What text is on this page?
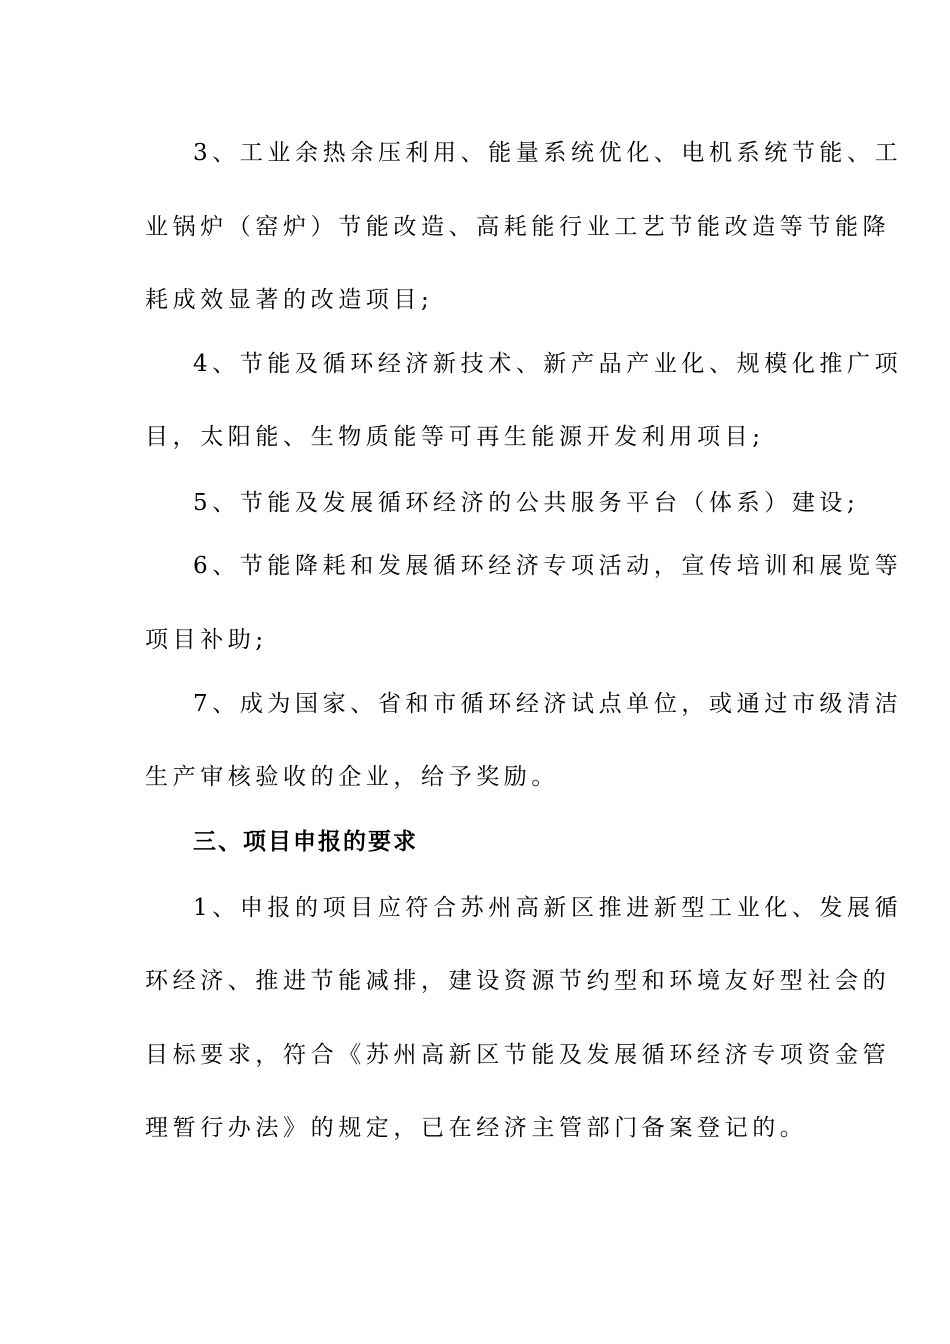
3、工业余热余压利用、能量系统优化、电机系统节能、工
业锅炉（窑炉）节能改造、高耗能行业工艺节能改造等节能降
耗成效显著的改造项目;
4、节能及循环经济新技术、新产品产业化、规模化推广项
目，太阳能、生物质能等可再生能源开发利用项目;
5、节能及发展循环经济的公共服务平台（体系）建设;
6、节能降耗和发展循环经济专项活动，宣传培训和展览等
项目补助;
7、成为国家、省和市循环经济试点单位，或通过市级清洁
生产审核验收的企业，给予奖励。
三、项目申报的要求
1、申报的项目应符合苏州高新区推进新型工业化、发展循
环经济、推进节能减排，建设资源节约型和环境友好型社会的
目标要求，符合《苏州高新区节能及发展循环经济专项资金管
理暂行办法》的规定，已在经济主管部门备案登记的。
